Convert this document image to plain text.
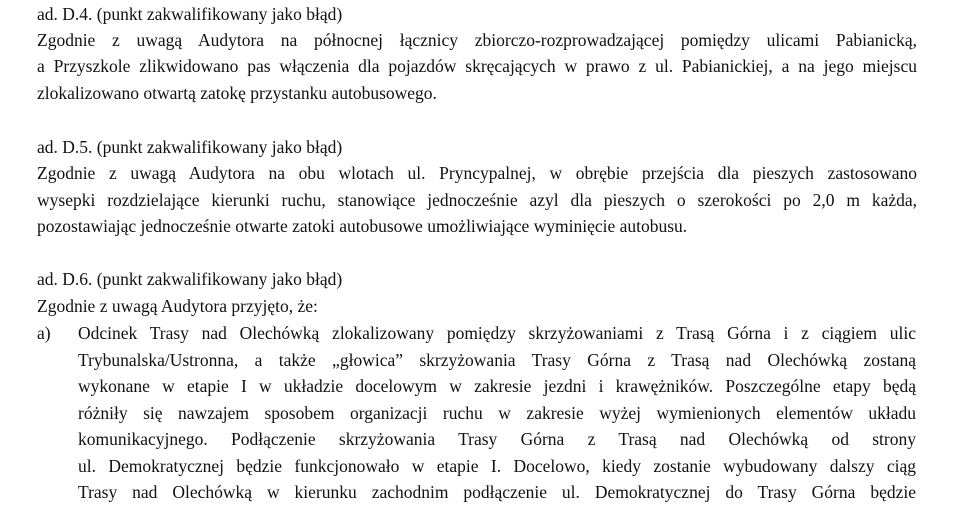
ad. D.4. (punkt zakwalifikowany jako błąd)
Zgodnie z uwagą Audytora na północnej łącznicy zbiorczo-rozprowadzającej pomiędzy ulicami Pabianicką,
a Przyszkole zlikwidowano pas włączenia dla pojazdów skręcających w prawo z ul. Pabianickiej, a na jego miejscu
zlokalizowano otwartą zatokę przystanku autobusowego.
ad. D.5. (punkt zakwalifikowany jako błąd)
Zgodnie z uwagą Audytora na obu wlotach ul. Pryncypalnej, w obrębie przejścia dla pieszych zastosowano
wysepki rozdzielające kierunki ruchu, stanowiące jednocześnie azyl dla pieszych o szerokości po 2,0 m każda,
pozostawiając jednocześnie otwarte zatoki autobusowe umożliwiające wyminięcie autobusu.
ad. D.6. (punkt zakwalifikowany jako błąd)
Zgodnie z uwagą Audytora przyjęto, że:
a) Odcinek Trasy nad Olechówką zlokalizowany pomiędzy skrzyżowaniami z Trasą Górna i z ciągiem ulic
Trybunalska/Ustronna, a także „głowica” skrzyżowania Trasy Górna z Trasą nad Olechówką zostaną
wykonane w etapie I w układzie docelowym w zakresie jezdni i krawężników. Poszczególne etapy będą
różniły się nawzajem sposobem organizacji ruchu w zakresie wyżej wymienionych elementów układu
komunikacyjnego. Podłączenie skrzyżowania Trasy Górna z Trasą nad Olechówką od strony
ul. Demokratycznej będzie funkcjonowało w etapie I. Docelowo, kiedy zostanie wybudowany dalszy ciąg
Trasy nad Olechówką w kierunku zachodnim podłączenie ul. Demokratycznej do Trasy Górna będzie
